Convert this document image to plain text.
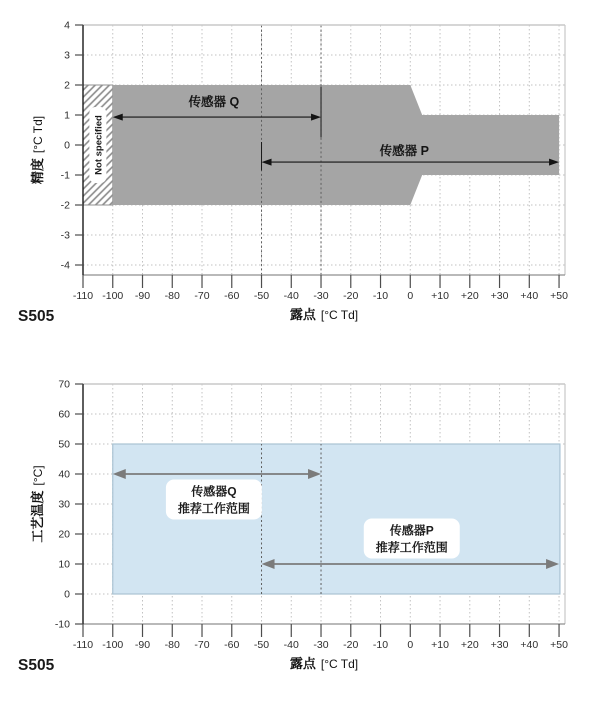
Not specified
传感器 Q
传感器 P
-110 -100 -90 -80 -70 -60 -50 -40 -30 -20 -10 0 +10 +20 +30 +40 +50
4
3
2
1
0
-1
-2
-3
-4
露点 [°C Td]
精度[°C Td]
S505
传感器Q
推荐工作范围
传感器P
推荐工作范围
-110 -100 -90 -80 -70 -60 -50 -40 -30 -20 -10 0 +10 +20 +30 +40 +50
70
60
50
40
30
20
10
0
-10
露点 [°C Td]
工艺温度[°C]
S505
